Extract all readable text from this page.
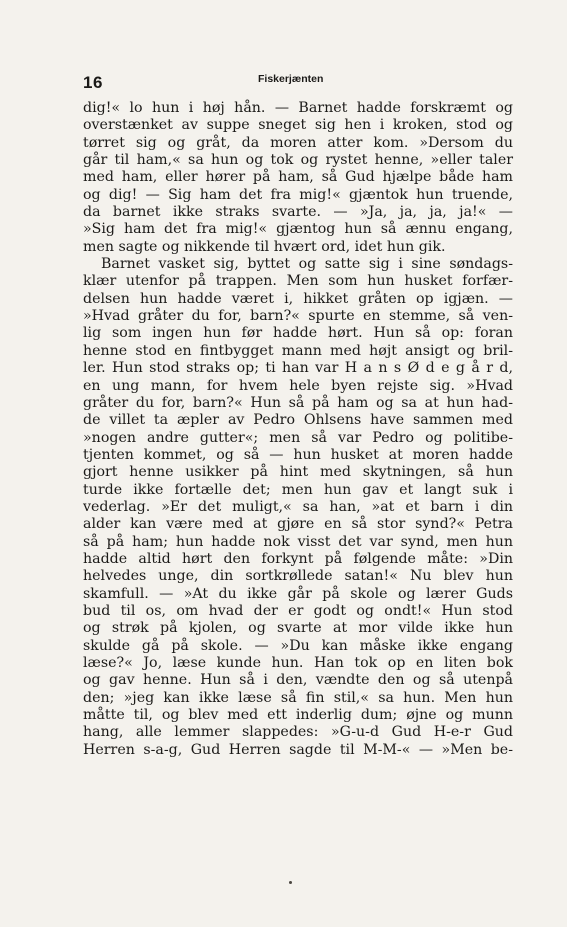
16	Fiskerjænten
dig!« lo hun i høj hån. — Barnet hadde forskræmt og
overstænket av suppe sneget sig hen i kroken, stod og
tørret sig og gråt, da moren atter kom. »Dersom du
går til ham,« sa hun og tok og rystet henne, »eller taler
med ham, eller hører på ham, så Gud hjælpe både ham
og dig! — Sig ham det fra mig!« gjæntok hun truende,
da barnet ikke straks svarte. — »Ja, ja, ja, ja!« —
»Sig ham det fra mig!« gjæntog hun så ænnu engang,
men sagte og nikkende til hvært ord, idet hun gik.
Barnet vasket sig, byttet og satte sig i sine søndags-
klær utenfor på trappen. Men som hun husket forfær-
delsen hun hadde været i, hikket gråten op igjæn. —
»Hvad gråter du for, barn?« spurte en stemme, så ven-
lig som ingen hun før hadde hørt. Hun så op: foran
henne stod en fintbygget mann med højt ansigt og bril-
ler. Hun stod straks op; ti han var H a n s Ø d e g å r d,
en ung mann, for hvem hele byen rejste sig. »Hvad
gråter du for, barn?« Hun så på ham og sa at hun had-
de villet ta æpler av Pedro Ohlsens have sammen med
»nogen andre gutter«; men så var Pedro og politibe-
tjenten kommet, og så — hun husket at moren hadde
gjort henne usikker på hint med skytningen, så hun
turde ikke fortælle det; men hun gav et langt suk i
vederlag. »Er det muligt,« sa han, »at et barn i din
alder kan være med at gjøre en så stor synd?« Petra
så på ham; hun hadde nok visst det var synd, men hun
hadde altid hørt den forkynt på følgende måte: »Din
helvedes unge, din sortkrøllede satan!« Nu blev hun
skamfull. — »At du ikke går på skole og lærer Guds
bud til os, om hvad der er godt og ondt!« Hun stod
og strøk på kjolen, og svarte at mor vilde ikke hun
skulde gå på skole. — »Du kan måske ikke engang
læse?« Jo, læse kunde hun. Han tok op en liten bok
og gav henne. Hun så i den, vændte den og så utenpå
den; »jeg kan ikke læse så fin stil,« sa hun. Men hun
måtte til, og blev med ett inderlig dum; øjne og munn
hang, alle lemmer slappedes: »G-u-d Gud H-e-r Gud
Herren s-a-g, Gud Herren sagde til M-M-« — »Men be-
